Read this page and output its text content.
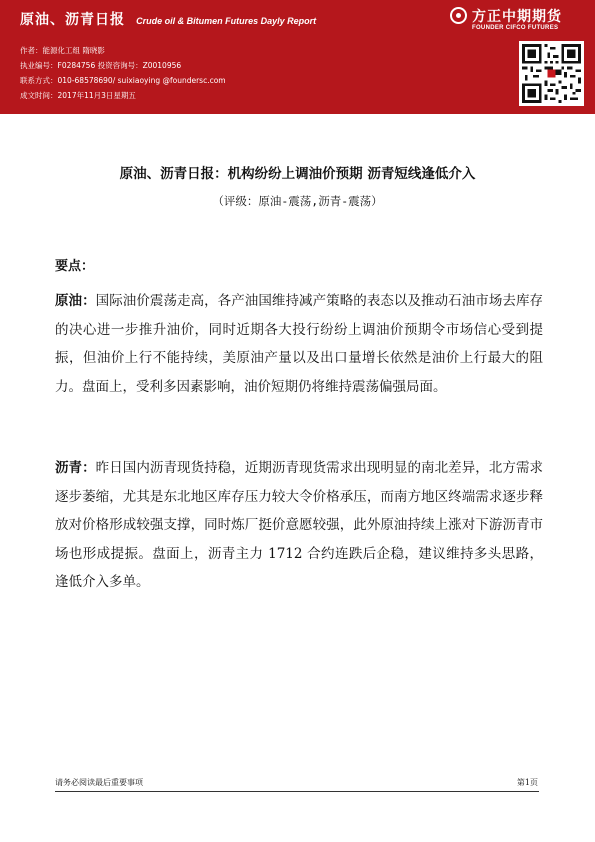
原油、沥青日报 Crude oil & Bitumen Futures Dayly Report
作者：能源化工组 隋晓影
执业编号：F0284756 投资咨询号：Z0010956
联系方式：010-68578690/ suixiaoying @foundersc.com
成文时间：2017年11月3日星期五
方正中期期货
FOUNDER CIFCO FUTURES
原油、沥青日报：机构纷纷上调油价预期 沥青短线逢低介入
（评级：原油-震荡,沥青-震荡）
要点：

原油：国际油价震荡走高，各产油国维持减产策略的表态以及推动石油市场去库存的决心进一步推升油价，同时近期各大投行纷纷上调油价预期令市场信心受到提振，但油价上行不能持续，美原油产量以及出口量增长依然是油价上行最大的阻力。盘面上，受利多因素影响，油价短期仍将维持震荡偏强局面。

沥青：昨日国内沥青现货持稳，近期沥青现货需求出现明显的南北差异，北方需求逐步萎缩，尤其是东北地区库存压力较大令价格承压，而南方地区终端需求逐步释放对价格形成较强支撑，同时炼厂挺价意愿较强，此外原油持续上涨对下游沥青市场也形成提振。盘面上，沥青主力 1712 合约连跌后企稳，建议维持多头思路，逢低介入多单。

请务必阅读最后重要事项	第1页
